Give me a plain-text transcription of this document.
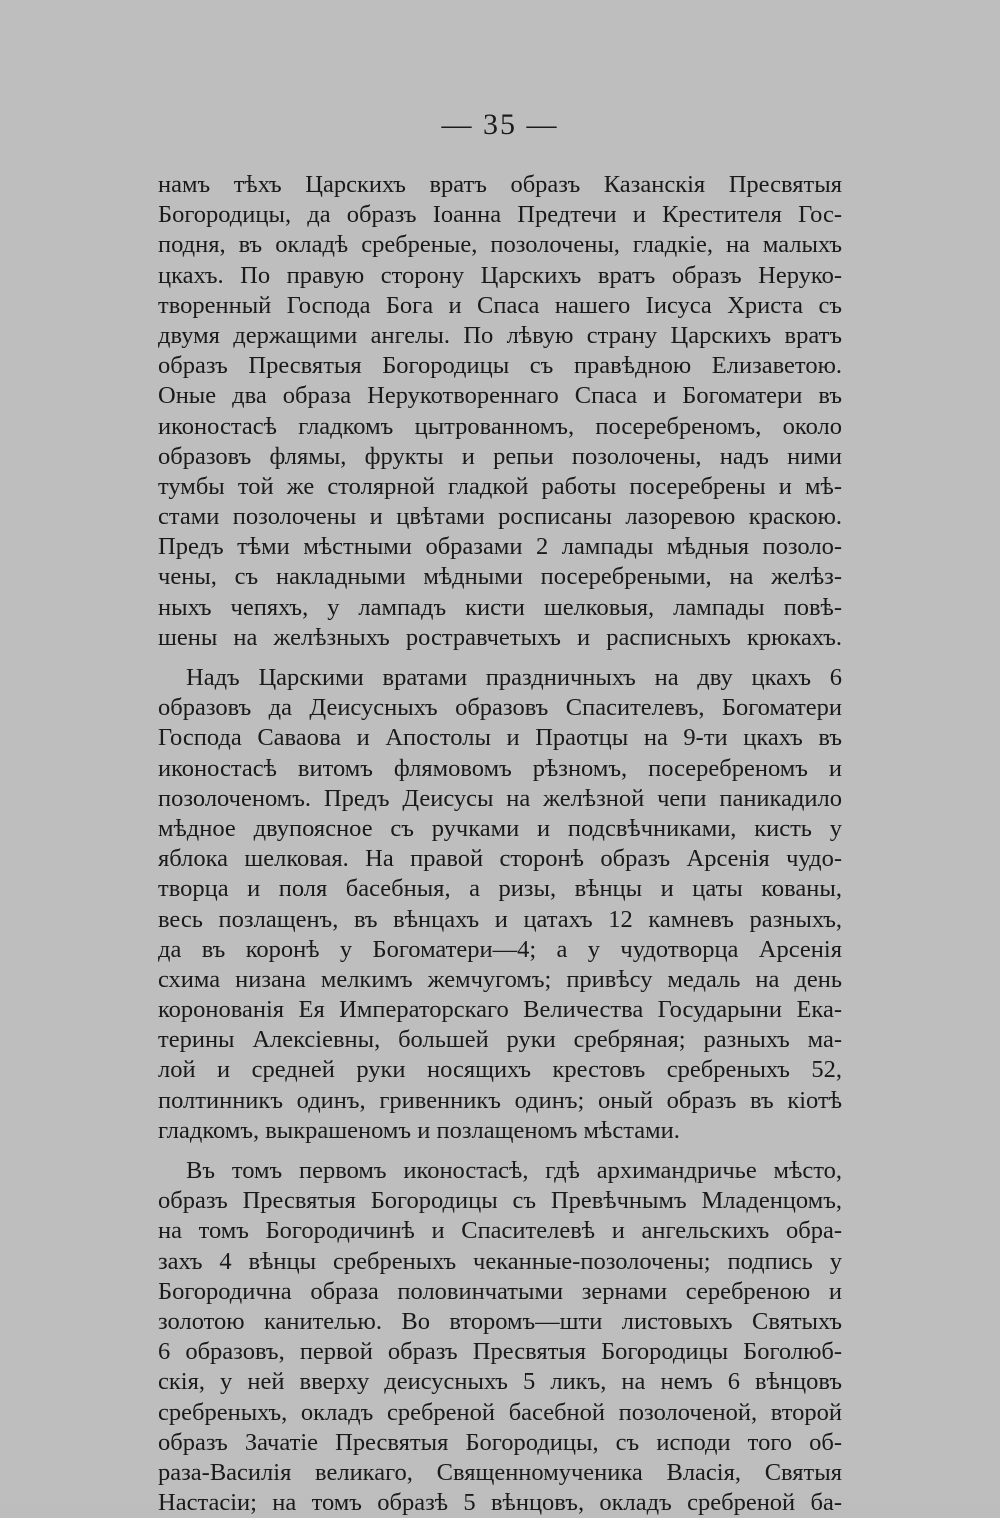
— 35 —
намъ тѣхъ Царскихъ вратъ образъ Казанскія Пресвятыя
Богородицы, да образъ Іоанна Предтечи и Крестителя Гос-
подня, въ окладѣ сребреные, позолочены, гладкіе, на малыхъ
цкахъ. По правую сторону Царскихъ вратъ образъ Неруко-
творенный Господа Бога и Спаса нашего Іисуса Христа съ
двумя держащими ангелы. По лѣвую страну Царскихъ вратъ
образъ Пресвятыя Богородицы съ правѣдною Елизаветою.
Оные два образа Нерукотвореннаго Спаса и Богоматери въ
иконостасѣ гладкомъ цытрованномъ, посеребреномъ, около
образовъ флямы, фрукты и репьи позолочены, надъ ними
тумбы той же столярной гладкой работы посеребрены и мѣ-
стами позолочены и цвѣтами росписаны лазоревою краскою.
Предъ тѣми мѣстными образами 2 лампады мѣдныя позоло-
чены, съ накладными мѣдными посеребреными, на желѣз-
ныхъ чепяхъ, у лампадъ кисти шелковыя, лампады повѣ-
шены на желѣзныхъ ростравчетыхъ и расписныхъ крюкахъ.
Надъ Царскими вратами праздничныхъ на дву цкахъ 6
образовъ да Деисусныхъ образовъ Спасителевъ, Богоматери
Господа Саваова и Апостолы и Праотцы на 9-ти цкахъ въ
иконостасѣ витомъ флямовомъ рѣзномъ, посеребреномъ и
позолоченомъ. Предъ Деисусы на желѣзной чепи паникадило
мѣдное двупоясное съ ручками и подсвѣчниками, кисть у
яблока шелковая. На правой сторонѣ образъ Арсенія чудо-
творца и поля басебныя, а ризы, вѣнцы и цаты кованы,
весь позлащенъ, въ вѣнцахъ и цатахъ 12 камневъ разныхъ,
да въ коронѣ у Богоматери—4; а у чудотворца Арсенія
схима низана мелкимъ жемчугомъ; привѣсу медаль на день
коронованія Ея Императорскаго Величества Государыни Ека-
терины Алексіевны, большей руки сребряная; разныхъ ма-
лой и средней руки носящихъ крестовъ сребреныхъ 52,
полтинникъ одинъ, гривенникъ одинъ; оный образъ въ кіотѣ
гладкомъ, выкрашеномъ и позлащеномъ мѣстами.
Въ томъ первомъ иконостасѣ, гдѣ архимандричье мѣсто,
образъ Пресвятыя Богородицы съ Превѣчнымъ Младенцомъ,
на томъ Богородичинѣ и Спасителевѣ и ангельскихъ обра-
захъ 4 вѣнцы сребреныхъ чеканные-позолочены; подпись у
Богородична образа половинчатыми зернами серебреною и
золотою канителью. Во второмъ—шти листовыхъ Святыхъ
6 образовъ, первой образъ Пресвятыя Богородицы Боголюб-
скія, у ней вверху деисусныхъ 5 ликъ, на немъ 6 вѣнцовъ
сребреныхъ, окладъ сребреной басебной позолоченой, второй
образъ Зачатіе Пресвятыя Богородицы, съ исподи того об-
раза-Василія великаго, Священномученика Власія, Святыя
Настасіи; на томъ образѣ 5 вѣнцовъ, окладъ сребреной ба-
